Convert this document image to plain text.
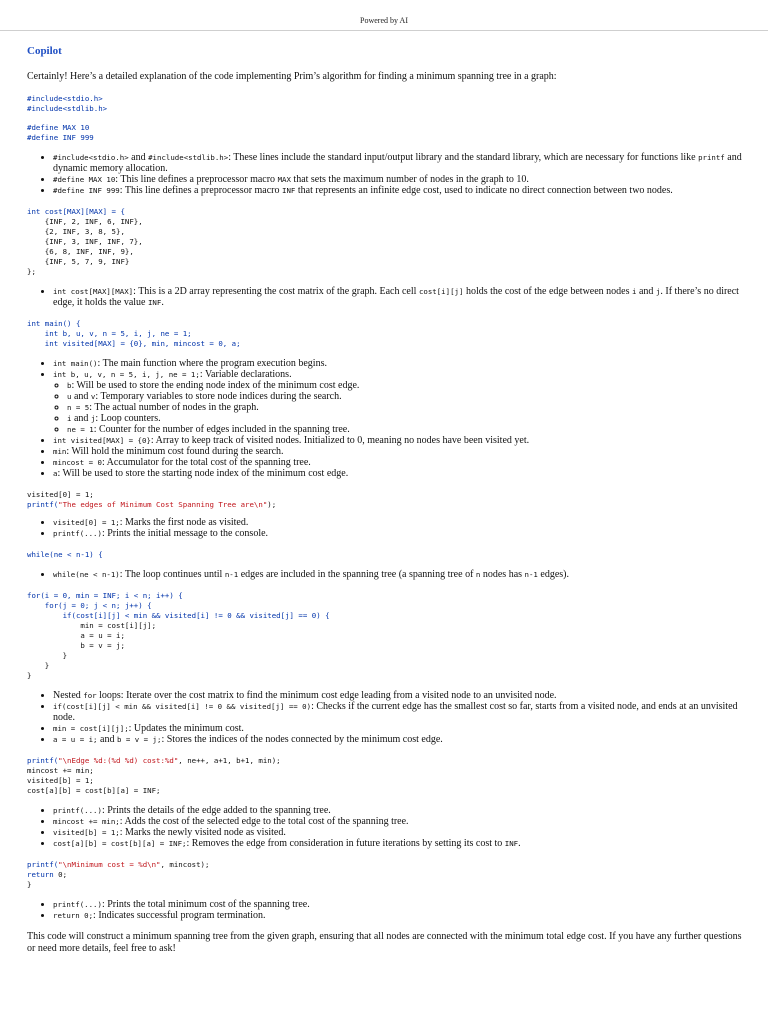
Powered by AI
Copilot
Certainly! Here’s a detailed explanation of the code implementing Prim’s algorithm for finding a minimum spanning tree in a graph:
#include<stdio.h>
#include<stdlib.h>
#define MAX 10
#define INF 999
• #include<stdio.h> and #include<stdlib.h>: These lines include the standard input/output library and the standard library, which are necessary for functions like printf and dynamic memory allocation.
• #define MAX 10: This line defines a preprocessor macro MAX that sets the maximum number of nodes in the graph to 10.
• #define INF 999: This line defines a preprocessor macro INF that represents an infinite edge cost, used to indicate no direct connection between two nodes.
int cost[MAX][MAX] = {
{INF, 2, INF, 6, INF},
{2, INF, 3, 8, 5},
{INF, 3, INF, INF, 7},
{6, 8, INF, INF, 9},
{INF, 5, 7, 9, INF}
};
• int cost[MAX][MAX]: This is a 2D array representing the cost matrix of the graph. Each cell cost[i][j] holds the cost of the edge between nodes i and j. If there’s no direct edge, it holds the value INF.
int main() {
int b, u, v, n = 5, i, j, ne = 1;
int visited[MAX] = {0}, min, mincost = 0, a;
• int main(): The main function where the program execution begins.
• int b, u, v, n = 5, i, j, ne = 1;: Variable declarations.
◦ b: Will be used to store the ending node index of the minimum cost edge.
◦ u and v: Temporary variables to store node indices during the search.
◦ n = 5: The actual number of nodes in the graph.
◦ i and j: Loop counters.
◦ ne = 1: Counter for the number of edges included in the spanning tree.
• int visited[MAX] = {0}: Array to keep track of visited nodes. Initialized to 0, meaning no nodes have been visited yet.
• min: Will hold the minimum cost found during the search.
• mincost = 0: Accumulator for the total cost of the spanning tree.
• a: Will be used to store the starting node index of the minimum cost edge.
visited[0] = 1;
printf("The edges of Minimum Cost Spanning Tree are\n");
• visited[0] = 1;: Marks the first node as visited.
• printf(...): Prints the initial message to the console.
while(ne < n-1) {
• while(ne < n-1): The loop continues until n-1 edges are included in the spanning tree (a spanning tree of n nodes has n-1 edges).
for(i = 0, min = INF; i < n; i++) {
for(j = 0; j < n; j++) {
if(cost[i][j] < min && visited[i] != 0 && visited[j] == 0) {
min = cost[i][j];
a = u = i;
b = v = j;
}
}
}
• Nested for loops: Iterate over the cost matrix to find the minimum cost edge leading from a visited node to an unvisited node.
• if(cost[i][j] < min && visited[i] != 0 && visited[j] == 0): Checks if the current edge has the smallest cost so far, starts from a visited node, and ends at an unvisited node.
• min = cost[i][j];: Updates the minimum cost.
• a = u = i; and b = v = j;: Stores the indices of the nodes connected by the minimum cost edge.
printf("\nEdge %d:(%d %d) cost:%d", ne++, a+1, b+1, min);
mincost += min;
visited[b] = 1;
cost[a][b] = cost[b][a] = INF;
• printf(...): Prints the details of the edge added to the spanning tree.
• mincost += min;: Adds the cost of the selected edge to the total cost of the spanning tree.
• visited[b] = 1;: Marks the newly visited node as visited.
• cost[a][b] = cost[b][a] = INF;: Removes the edge from consideration in future iterations by setting its cost to INF.
printf("\nMinimum cost = %d\n", mincost);
return 0;
}
• printf(...): Prints the total minimum cost of the spanning tree.
• return 0;: Indicates successful program termination.
This code will construct a minimum spanning tree from the given graph, ensuring that all nodes are connected with the minimum total edge cost. If you have any further questions or need more details, feel free to ask!
